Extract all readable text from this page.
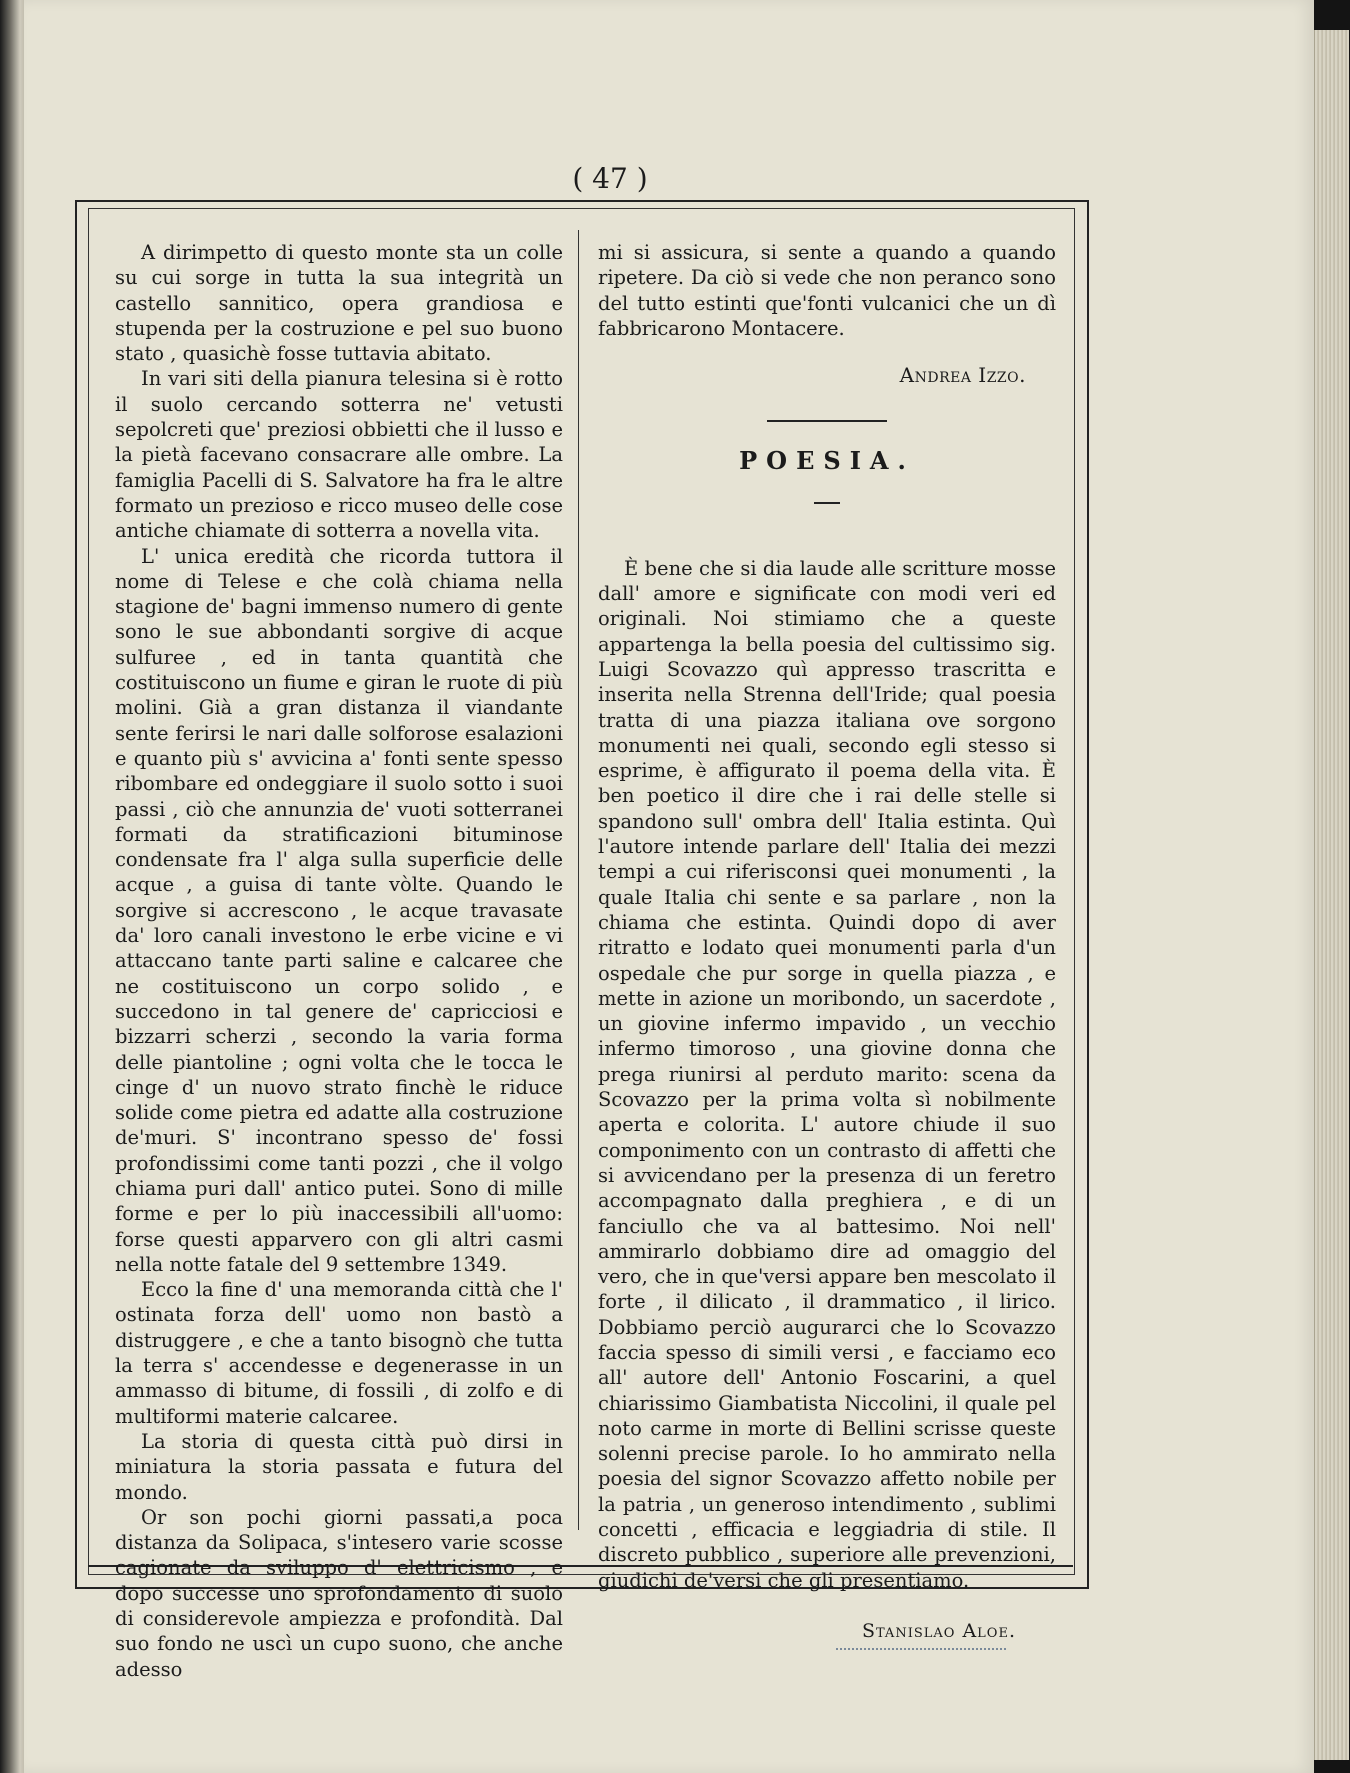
( 47 )

A dirimpetto di questo monte sta un colle su cui sorge in tutta la sua integrità un castello sannitico, opera grandiosa e stupenda per la costruzione e pel suo buono stato , quasichè fosse tuttavia abitato.

In vari siti della pianura telesina si è rotto il suolo cercando sotterra ne' vetusti sepolcreti que' preziosi obbietti che il lusso e la pietà facevano consacrare alle ombre. La famiglia Pacelli di S. Salvatore ha fra le altre formato un prezioso e ricco museo delle cose antiche chiamate di sotterra a novella vita.

L' unica eredità che ricorda tuttora il nome di Telese e che colà chiama nella stagione de' bagni immenso numero di gente sono le sue abbondanti sorgive di acque sulfuree , ed in tanta quantità che costituiscono un fiume e giran le ruote di più molini. Già a gran distanza il viandante sente ferirsi le nari dalle solforose esalazioni e quanto più s' avvicina a' fonti sente spesso ribombare ed ondeggiare il suolo sotto i suoi passi , ciò che annunzia de' vuoti sotterranei formati da stratificazioni bituminose condensate fra l' alga sulla superficie delle acque , a guisa di tante vòlte. Quando le sorgive si accrescono , le acque travasate da' loro canali investono le erbe vicine e vi attaccano tante parti saline e calcaree che ne costituiscono un corpo solido , e succedono in tal genere de' capricciosi e bizzarri scherzi , secondo la varia forma delle piantoline ; ogni volta che le tocca le cinge d' un nuovo strato finchè le riduce solide come pietra ed adatte alla costruzione de'muri. S' incontrano spesso de' fossi profondissimi come tanti pozzi , che il volgo chiama puri dall' antico putei. Sono di mille forme e per lo più inaccessibili all'uomo: forse questi apparvero con gli altri casmi nella notte fatale del 9 settembre 1349.

Ecco la fine d' una memoranda città che l' ostinata forza dell' uomo non bastò a distruggere , e che a tanto bisognò che tutta la terra s' accendesse e degenerasse in un ammasso di bitume, di fossili , di zolfo e di multiformi materie calcaree.

La storia di questa città può dirsi in miniatura la storia passata e futura del mondo.

Or son pochi giorni passati,a poca distanza da Solipaca, s'intesero varie scosse cagionate da sviluppo d' elettricismo , e dopo successe uno sprofondamento di suolo di considerevole ampiezza e profondità. Dal suo fondo ne uscì un cupo suono, che anche adesso

mi si assicura, si sente a quando a quando ripetere. Da ciò si vede che non peranco sono del tutto estinti que'fonti vulcanici che un dì fabbricarono Montacere.

Andrea Izzo.
POESIA.

È bene che si dia laude alle scritture mosse dall' amore e significate con modi veri ed originali. Noi stimiamo che a queste appartenga la bella poesia del cultissimo sig. Luigi Scovazzo quì appresso trascritta e inserita nella Strenna dell'Iride; qual poesia tratta di una piazza italiana ove sorgono monumenti nei quali, secondo egli stesso si esprime, è affigurato il poema della vita. È ben poetico il dire che i rai delle stelle si spandono sull' ombra dell' Italia estinta. Quì l'autore intende parlare dell' Italia dei mezzi tempi a cui riferisconsi quei monumenti , la quale Italia chi sente e sa parlare , non la chiama che estinta. Quindi dopo di aver ritratto e lodato quei monumenti parla d'un ospedale che pur sorge in quella piazza , e mette in azione un moribondo, un sacerdote , un giovine infermo impavido , un vecchio infermo timoroso , una giovine donna che prega riunirsi al perduto marito: scena da Scovazzo per la prima volta sì nobilmente aperta e colorita. L' autore chiude il suo componimento con un contrasto di affetti che si avvicendano per la presenza di un feretro accompagnato dalla preghiera , e di un fanciullo che va al battesimo. Noi nell' ammirarlo dobbiamo dire ad omaggio del vero, che in que'versi appare ben mescolato il forte , il dilicato , il drammatico , il lirico. Dobbiamo perciò augurarci che lo Scovazzo faccia spesso di simili versi , e facciamo eco all' autore dell' Antonio Foscarini, a quel chiarissimo Giambatista Niccolini, il quale pel noto carme in morte di Bellini scrisse queste solenni precise parole. Io ho ammirato nella poesia del signor Scovazzo affetto nobile per la patria , un generoso intendimento , sublimi concetti , efficacia e leggiadria di stile. Il discreto pubblico , superiore alle prevenzioni, giudichi de'versi che gli presentiamo.

Stanislao Aloe.
